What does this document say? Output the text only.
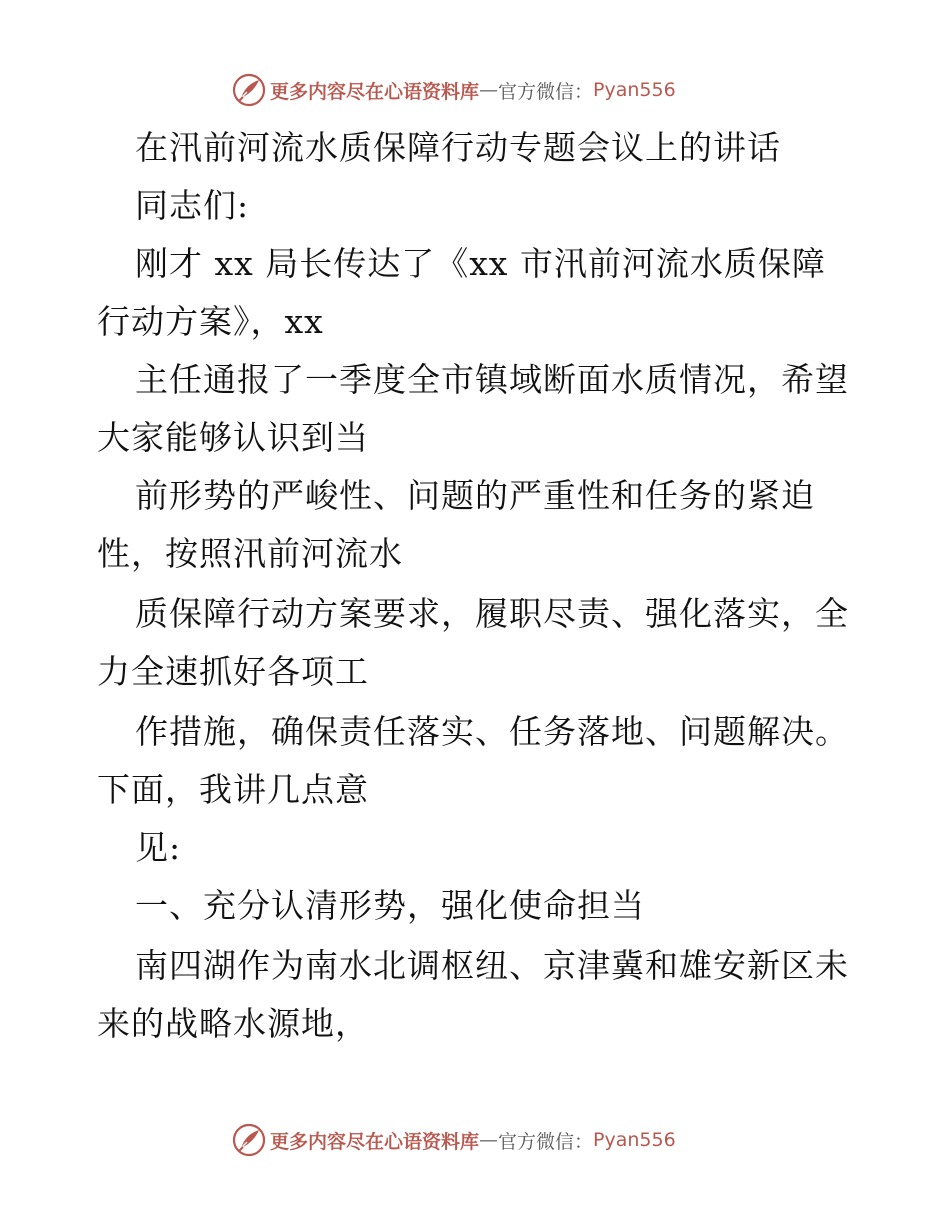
更多内容尽在心语资料库 — 官方微信： Pyan556
在汛前河流水质保障行动专题会议上的讲话
同志们:
刚才 xx 局长传达了《xx 市汛前河流水质保障
行动方案》，xx
主任通报了一季度全市镇域断面水质情况，希望
大家能够认识到当
前形势的严峻性、问题的严重性和任务的紧迫
性，按照汛前河流水
质保障行动方案要求，履职尽责、强化落实，全
力全速抓好各项工
作措施，确保责任落实、任务落地、问题解决。
下面，我讲几点意
见:
一、充分认清形势，强化使命担当
南四湖作为南水北调枢纽、京津冀和雄安新区未
来的战略水源地，
更多内容尽在心语资料库 — 官方微信： Pyan556
